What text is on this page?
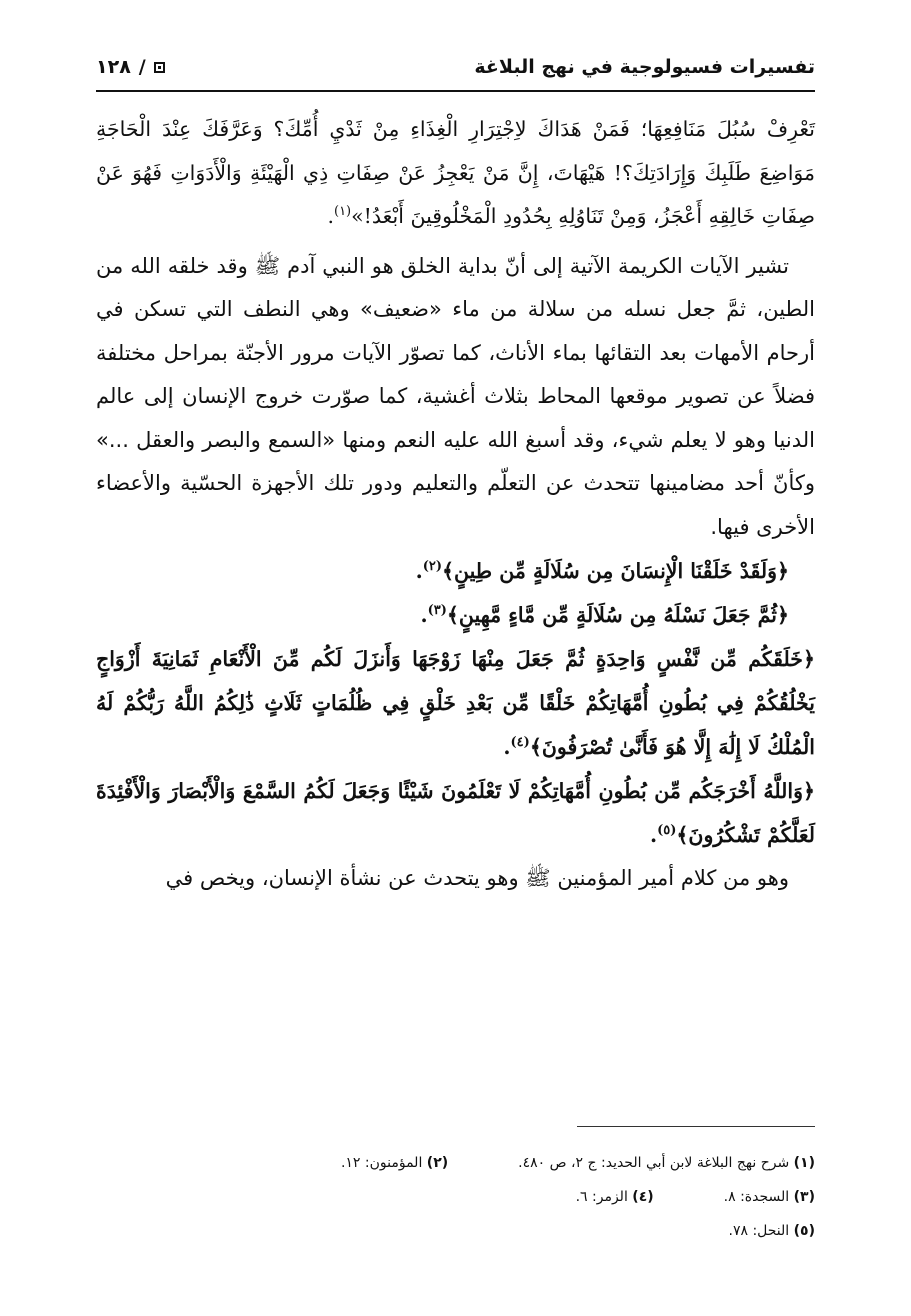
تفسيرات فسيولوجية في نهج البلاغة
١٢٨ /

تَعْرِفْ سُبُلَ مَنَافِعِهَا؛ فَمَنْ هَدَاكَ لاِجْتِرَارِ الْغِذَاءِ مِنْ ثَدْيِ أُمِّكَ؟ وَعَرَّفَكَ عِنْدَ الْحَاجَةِ مَوَاضِعَ طَلَبِكَ وَإِرَادَتِكَ؟! هَيْهَاتَ، إِنَّ مَنْ يَعْجِزُ عَنْ صِفَاتِ ذِي الْهَيْئَةِ وَالْأَدَوَاتِ فَهُوَ عَنْ صِفَاتِ خَالِقِهِ أَعْجَزُ، وَمِنْ تَنَاوُلِهِ بِحُدُودِ الْمَخْلُوقِينَ أَبْعَدُ!»$^{(١)}$.

تشير الآيات الكريمة الآتية إلى أنّ بداية الخلق هو النبي آدم ﷺ وقد خلقه الله من الطين، ثمَّ جعل نسله من سلالة من ماء «ضعيف» وهي النطف التي تسكن في أرحام الأمهات بعد التقائها بماء الأناث، كما تصوّر الآيات مرور الأجنّة بمراحل مختلفة فضلاً عن تصوير موقعها المحاط بثلاث أغشية، كما صوّرت خروج الإنسان إلى عالم الدنيا وهو لا يعلم شيء، وقد أسبغ الله عليه النعم ومنها «السمع والبصر والعقل ...» وكأنّ أحد مضامينها تتحدث عن التعلّم والتعليم ودور تلك الأجهزة الحسّية والأعضاء الأخرى فيها.

﴿وَلَقَدْ خَلَقْنَا الْإِنسَانَ مِن سُلَالَةٍ مِّن طِينٍ﴾$^{(٢)}$.

﴿ثُمَّ جَعَلَ نَسْلَهُ مِن سُلَالَةٍ مِّن مَّاءٍ مَّهِينٍ﴾$^{(٣)}$.

﴿خَلَقَكُم مِّن نَّفْسٍ وَاحِدَةٍ ثُمَّ جَعَلَ مِنْهَا زَوْجَهَا وَأَنزَلَ لَكُم مِّنَ الْأَنْعَامِ ثَمَانِيَةَ أَزْوَاجٍ يَخْلُقُكُمْ فِي بُطُونِ أُمَّهَاتِكُمْ خَلْقًا مِّن بَعْدِ خَلْقٍ فِي ظُلُمَاتٍ ثَلَاثٍ ذَٰلِكُمُ اللَّهُ رَبُّكُمْ لَهُ الْمُلْكُ لَا إِلَٰهَ إِلَّا هُوَ فَأَنَّىٰ تُصْرَفُونَ﴾$^{(٤)}$.

﴿وَاللَّهُ أَخْرَجَكُم مِّن بُطُونِ أُمَّهَاتِكُمْ لَا تَعْلَمُونَ شَيْئًا وَجَعَلَ لَكُمُ السَّمْعَ وَالْأَبْصَارَ وَالْأَفْئِدَةَ لَعَلَّكُمْ تَشْكُرُونَ﴾$^{(٥)}$.

وهو من كلام أمير المؤمنين ﷺ وهو يتحدث عن نشأة الإنسان، ويخص في

(١) شرح نهج البلاغة لابن أبي الحديد: ج ٢، ص ٤٨٠.
(٢) المؤمنون: ١٢.
(٣) السجدة: ٨.
(٤) الزمر: ٦.
(٥) النحل: ٧٨.
